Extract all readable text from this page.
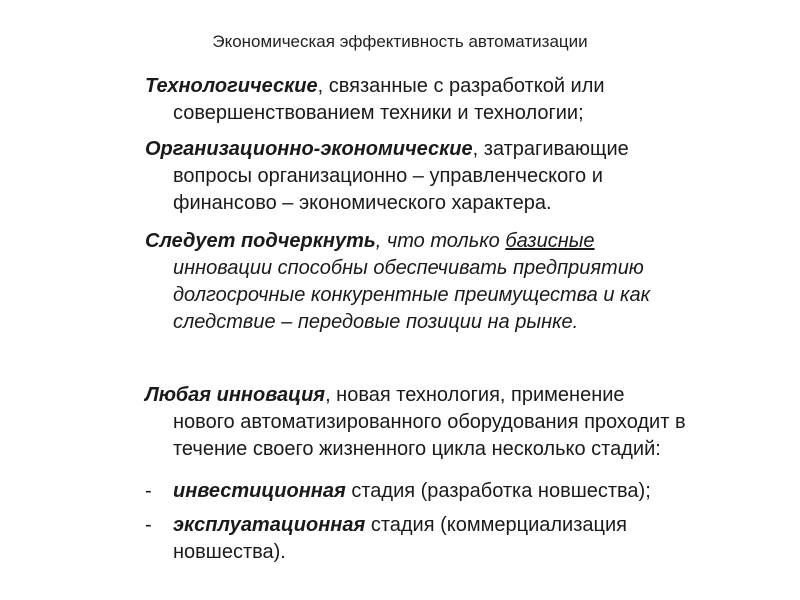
Экономическая эффективность автоматизации
Технологические, связанные с разработкой или
совершенствованием техники и технологии;
Организационно-экономические, затрагивающие
вопросы организационно – управленческого и
финансово – экономического характера.
Следует подчеркнуть, что только базисные
инновации способны обеспечивать предприятию
долгосрочные конкурентные преимущества и как
следствие – передовые позиции на рынке.
Любая инновация, новая технология, применение
нового автоматизированного оборудования проходит в
течение своего жизненного цикла несколько стадий:
инвестиционная стадия (разработка новшества);
-
эксплуатационная стадия (коммерциализация
новшества).
-
